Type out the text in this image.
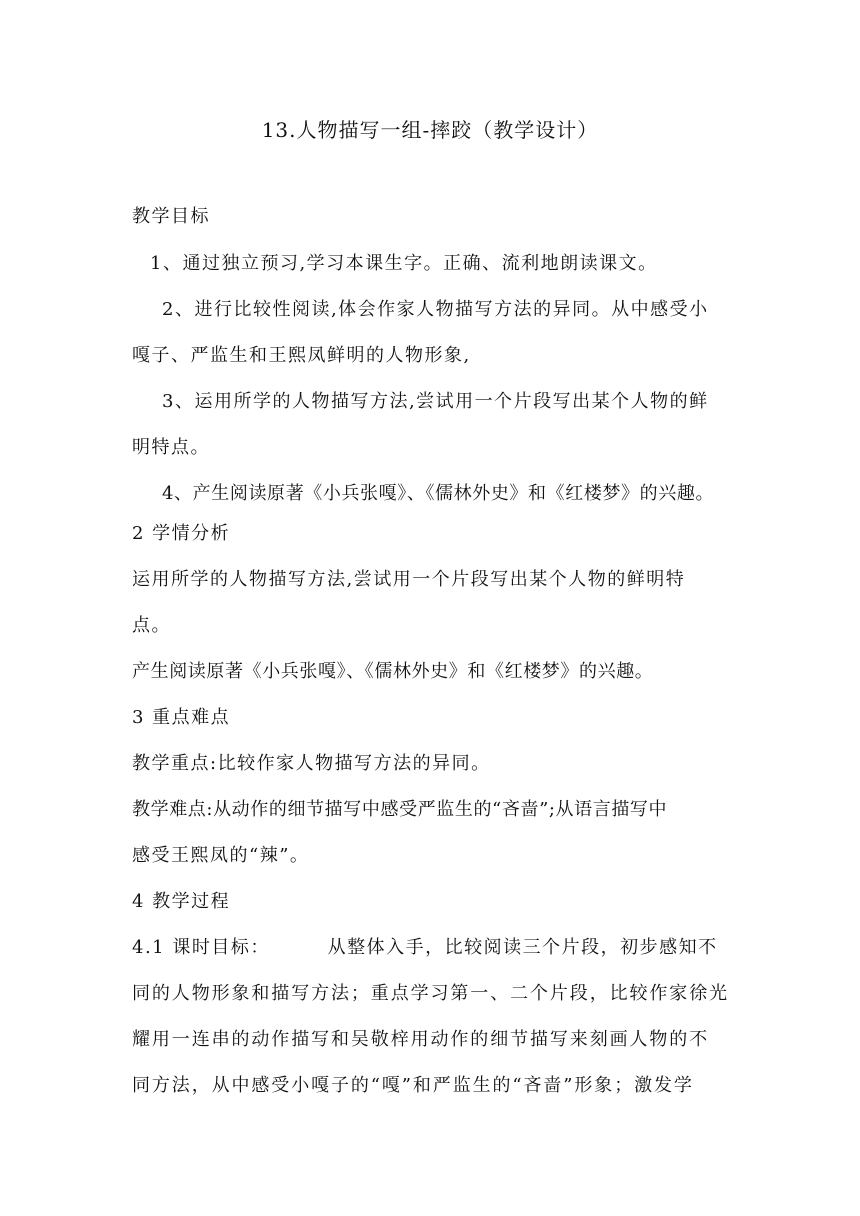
13.人物描写一组-摔跤（教学设计）
教学目标
1、通过独立预习,学习本课生字。正确、流利地朗读课文。
2、进行比较性阅读,体会作家人物描写方法的异同。从中感受小
嘎子、严监生和王熙凤鲜明的人物形象,
3、运用所学的人物描写方法,尝试用一个片段写出某个人物的鲜
明特点。
4、产生阅读原著《小兵张嘎》、《儒林外史》和《红楼梦》的兴趣。
2 学情分析
运用所学的人物描写方法,尝试用一个片段写出某个人物的鲜明特
点。
产生阅读原著《小兵张嘎》、《儒林外史》和《红楼梦》的兴趣。
3 重点难点
教学重点:比较作家人物描写方法的异同。
教学难点:从动作的细节描写中感受严监生的“吝啬”;从语言描写中
感受王熙凤的“辣”。
4 教学过程
4.1 课时目标：        从整体入手，比较阅读三个片段，初步感知不
同的人物形象和描写方法；重点学习第一、二个片段，比较作家徐光
耀用一连串的动作描写和吴敬梓用动作的细节描写来刻画人物的不
同方法，从中感受小嘎子的“嘎”和严监生的“吝啬”形象；激发学
